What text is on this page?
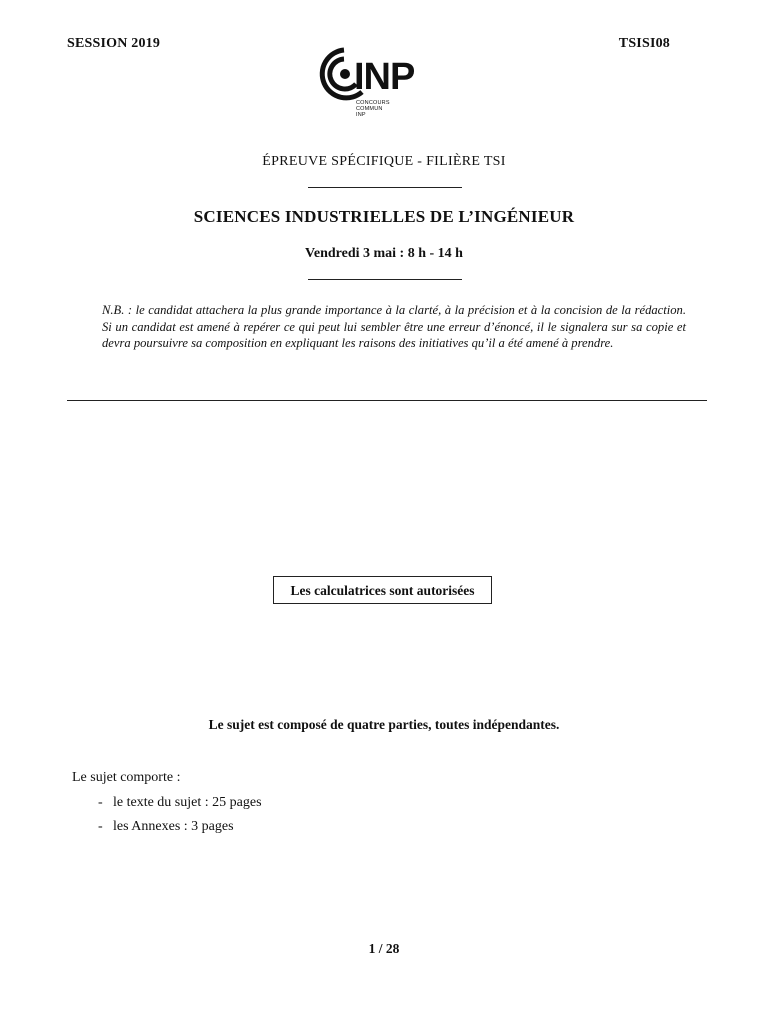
SESSION 2019	TSISI08
INP
CONCOURS
COMMUN
INP
ÉPREUVE SPÉCIFIQUE - FILIÈRE TSI
SCIENCES INDUSTRIELLES DE L’INGÉNIEUR
Vendredi 3 mai : 8 h - 14 h
N.B. : le candidat attachera la plus grande importance à la clarté, à la précision et à la concision de la rédaction. Si un candidat est amené à repérer ce qui peut lui sembler être une erreur d’énoncé, il le signalera sur sa copie et devra poursuivre sa composition en expliquant les raisons des initiatives qu’il a été amené à prendre.
Les calculatrices sont autorisées
Le sujet est composé de quatre parties, toutes indépendantes.
Le sujet comporte :
- le texte du sujet : 25 pages
- les Annexes : 3 pages
1 / 28
